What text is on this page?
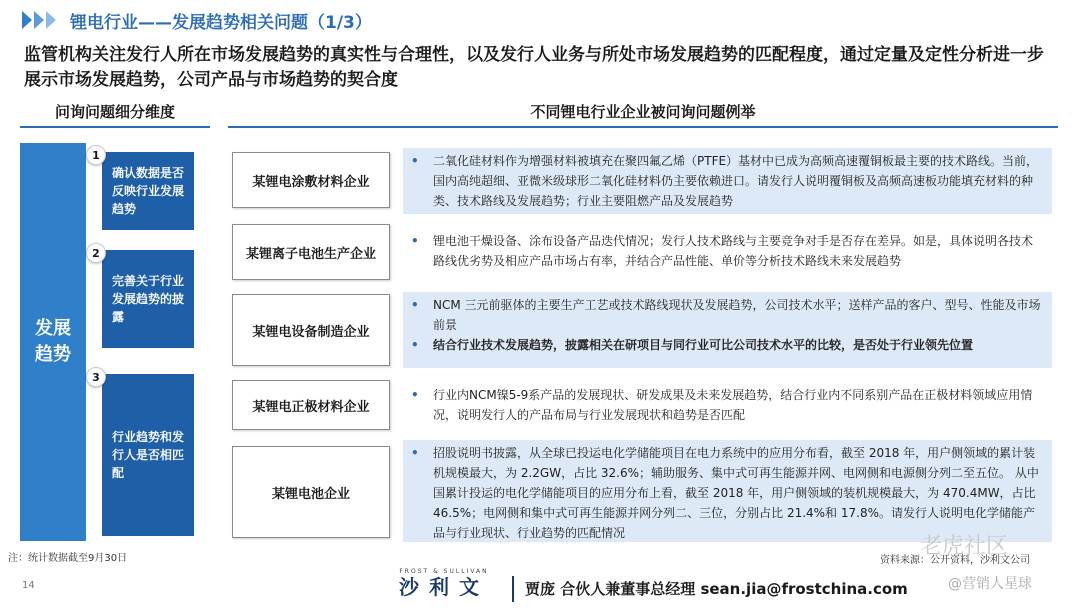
锂电行业——发展趋势相关问题（1/3）
监管机构关注发行人所在市场发展趋势的真实性与合理性，以及发行人业务与所处市场发展趋势的匹配程度，通过定量及定性分析进一步展示市场发展趋势，公司产品与市场趋势的契合度
问询问题细分维度	不同锂电行业企业被问询问题例举
发展趋势
确认数据是否反映行业发展趋势
1
完善关于行业发展趋势的披露
2
行业趋势和发行人是否相匹配
3
某锂电涂敷材料企业
•	二氧化硅材料作为增强材料被填充在聚四氟乙烯（PTFE）基材中已成为高频高速覆铜板最主要的技术路线。当前，国内高纯超细、亚微米级球形二氧化硅材料仍主要依赖进口。请发行人说明覆铜板及高频高速板功能填充材料的种类、技术路线及发展趋势；行业主要阻燃产品及发展趋势
某锂离子电池生产企业
•	锂电池干燥设备、涂布设备产品迭代情况；发行人技术路线与主要竞争对手是否存在差异。如是，具体说明各技术路线优劣势及相应产品市场占有率，并结合产品性能、单价等分析技术路线未来发展趋势
某锂电设备制造企业
•	NCM 三元前驱体的主要生产工艺或技术路线现状及发展趋势，公司技术水平；送样产品的客户、型号、性能及市场前景
•	结合行业技术发展趋势，披露相关在研项目与同行业可比公司技术水平的比较，是否处于行业领先位置
某锂电正极材料企业
•	行业内NCM镍5-9系产品的发展现状、研发成果及未来发展趋势，结合行业内不同系别产品在正极材料领域应用情况，说明发行人的产品布局与行业发展现状和趋势是否匹配
某锂电池企业
•	招股说明书披露，从全球已投运电化学储能项目在电力系统中的应用分布看，截至 2018 年，用户侧领域的累计装机规模最大，为 2.2GW，占比 32.6%；辅助服务、集中式可再生能源并网、电网侧和电源侧分列二至五位。 从中国累计投运的电化学储能项目的应用分布上看，截至 2018 年，用户侧领域的装机规模最大，为 470.4MW，占比 46.5%；电网侧和集中式可再生能源并网分列二、三位，分别占比 21.4%和 17.8%。请发行人说明电化学储能产品与行业现状、行业趋势的匹配情况
注：统计数据截至9月30日	资料来源：公开资料，沙利文公司
老虎社区
@营销人星球
14
FROST & SULLIVAN
沙利文	贾庞 合伙人兼董事总经理 sean.jia@frostchina.com
